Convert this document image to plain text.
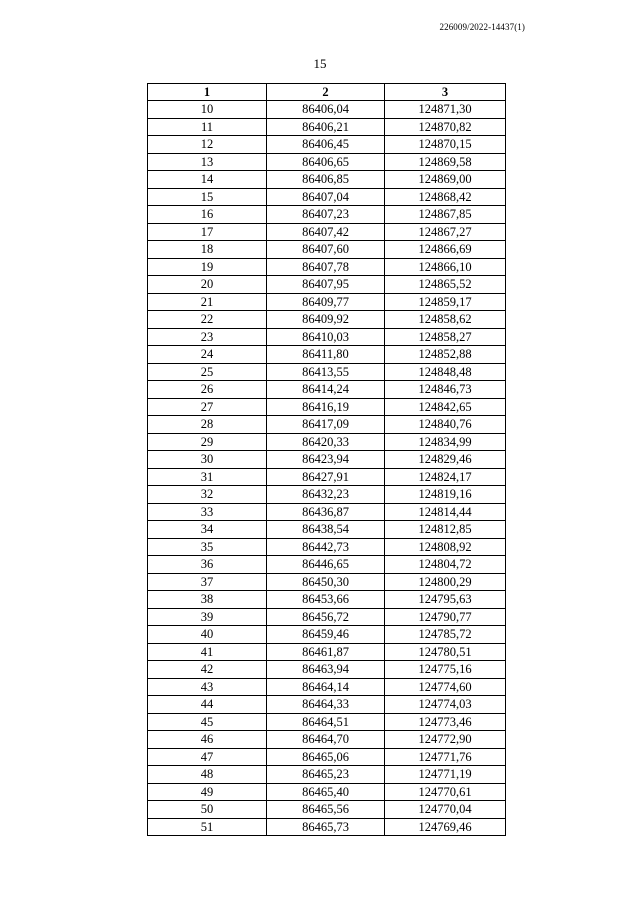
226009/2022-14437(1)
15
1	2	3
10	86406,04	124871,30
11	86406,21	124870,82
12	86406,45	124870,15
13	86406,65	124869,58
14	86406,85	124869,00
15	86407,04	124868,42
16	86407,23	124867,85
17	86407,42	124867,27
18	86407,60	124866,69
19	86407,78	124866,10
20	86407,95	124865,52
21	86409,77	124859,17
22	86409,92	124858,62
23	86410,03	124858,27
24	86411,80	124852,88
25	86413,55	124848,48
26	86414,24	124846,73
27	86416,19	124842,65
28	86417,09	124840,76
29	86420,33	124834,99
30	86423,94	124829,46
31	86427,91	124824,17
32	86432,23	124819,16
33	86436,87	124814,44
34	86438,54	124812,85
35	86442,73	124808,92
36	86446,65	124804,72
37	86450,30	124800,29
38	86453,66	124795,63
39	86456,72	124790,77
40	86459,46	124785,72
41	86461,87	124780,51
42	86463,94	124775,16
43	86464,14	124774,60
44	86464,33	124774,03
45	86464,51	124773,46
46	86464,70	124772,90
47	86465,06	124771,76
48	86465,23	124771,19
49	86465,40	124770,61
50	86465,56	124770,04
51	86465,73	124769,46
